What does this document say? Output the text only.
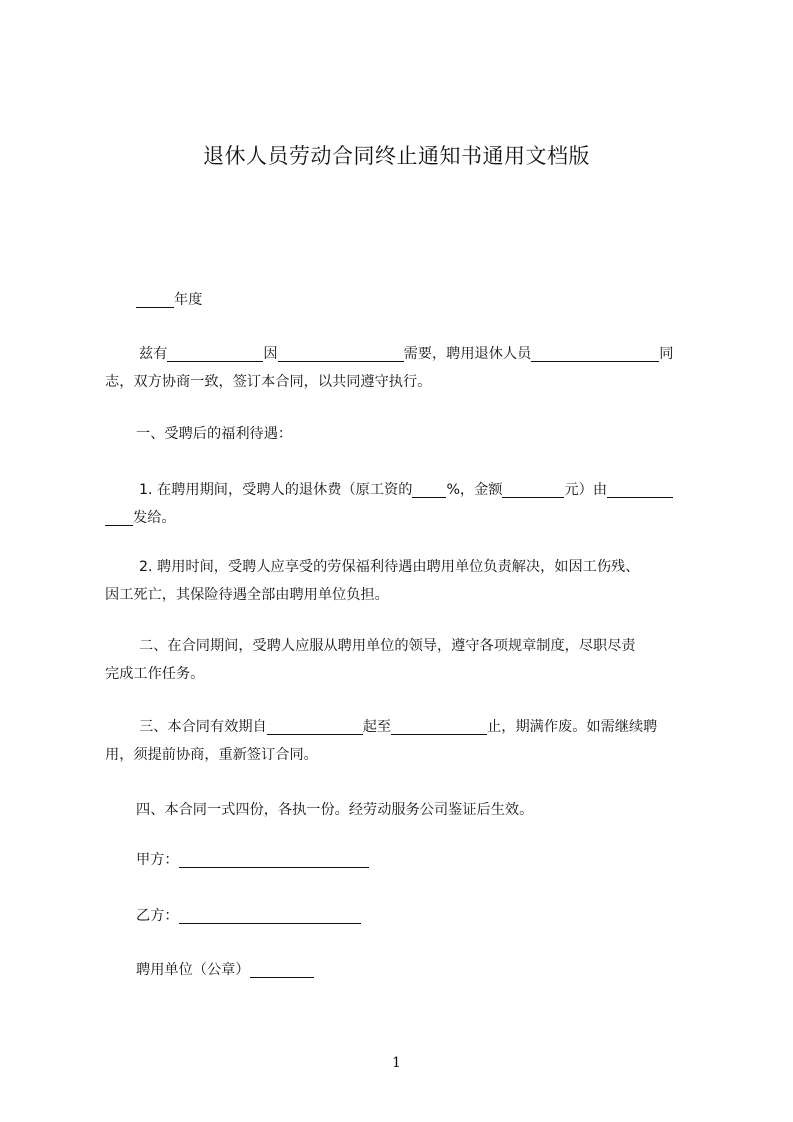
退休人员劳动合同终止通知书通用文档版

年度

兹有	因	需要，聘用退休人员	同
志，双方协商一致，签订本合同，以共同遵守执行。

一、受聘后的福利待遇：

1. 在聘用期间，受聘人的退休费（原工资的 %，金额	元）由
发给。
2. 聘用时间，受聘人应享受的劳保福利待遇由聘用单位负责解决，如因工伤残、
因工死亡，其保险待遇全部由聘用单位负担。
二、在合同期间，受聘人应服从聘用单位的领导，遵守各项规章制度，尽职尽责
完成工作任务。
三、本合同有效期自	起至	止，期满作废。如需继续聘
用，须提前协商，重新签订合同。

四、本合同一式四份，各执一份。经劳动服务公司鉴证后生效。

甲方：

乙方：

聘用单位（公章）

1
